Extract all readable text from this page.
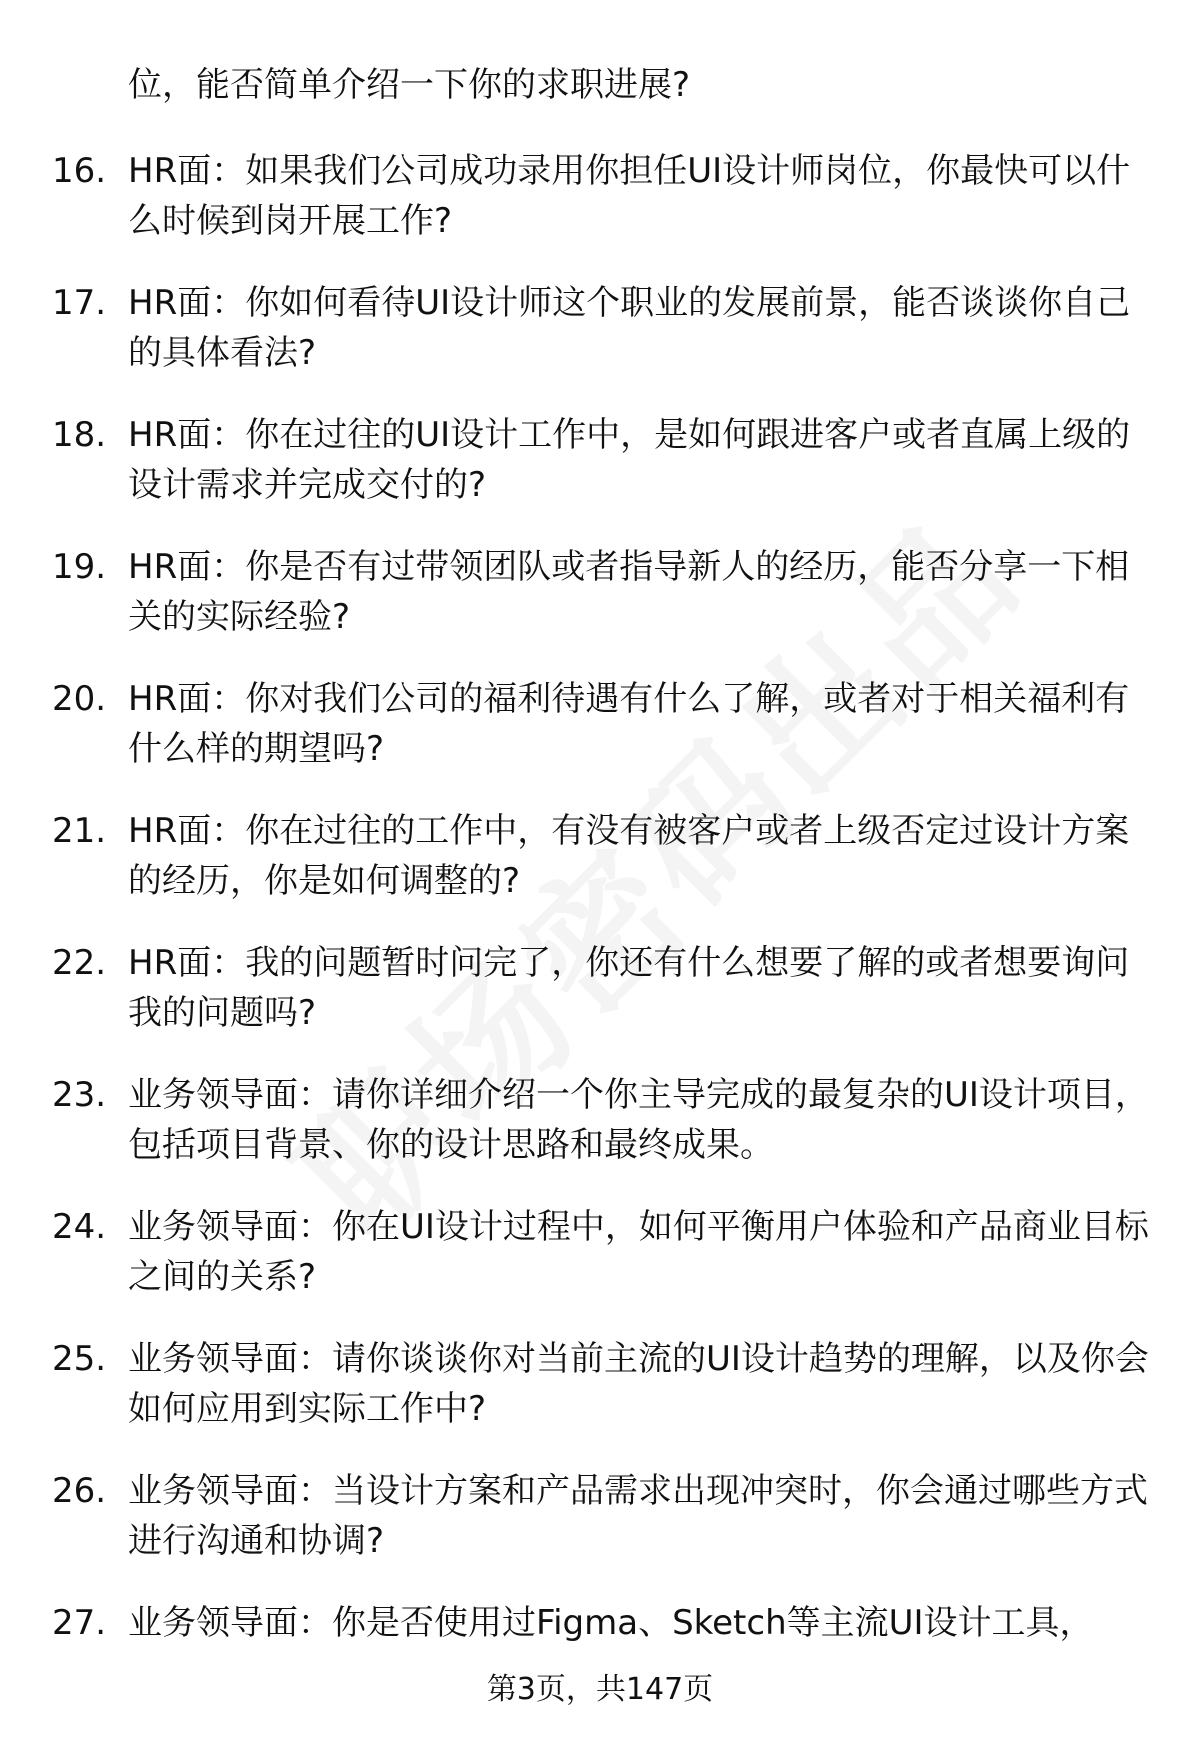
位，能否简单介绍一下你的求职进展?
16. HR面：如果我们公司成功录用你担任UI设计师岗位，你最快可以什么时候到岗开展工作?
17. HR面：你如何看待UI设计师这个职业的发展前景，能否谈谈你自己的具体看法?
18. HR面：你在过往的UI设计工作中，是如何跟进客户或者直属上级的设计需求并完成交付的?
19. HR面：你是否有过带领团队或者指导新人的经历，能否分享一下相关的实际经验?
20. HR面：你对我们公司的福利待遇有什么了解，或者对于相关福利有什么样的期望吗?
21. HR面：你在过往的工作中，有没有被客户或者上级否定过设计方案的经历，你是如何调整的?
22. HR面：我的问题暂时问完了，你还有什么想要了解的或者想要询问我的问题吗?
23. 业务领导面：请你详细介绍一个你主导完成的最复杂的UI设计项目，包括项目背景、你的设计思路和最终成果。
24. 业务领导面：你在UI设计过程中，如何平衡用户体验和产品商业目标之间的关系?
25. 业务领导面：请你谈谈你对当前主流的UI设计趋势的理解，以及你会如何应用到实际工作中?
26. 业务领导面：当设计方案和产品需求出现冲突时，你会通过哪些方式进行沟通和协调?
27. 业务领导面：你是否使用过Figma、Sketch等主流UI设计工具，
第3页，共147页
